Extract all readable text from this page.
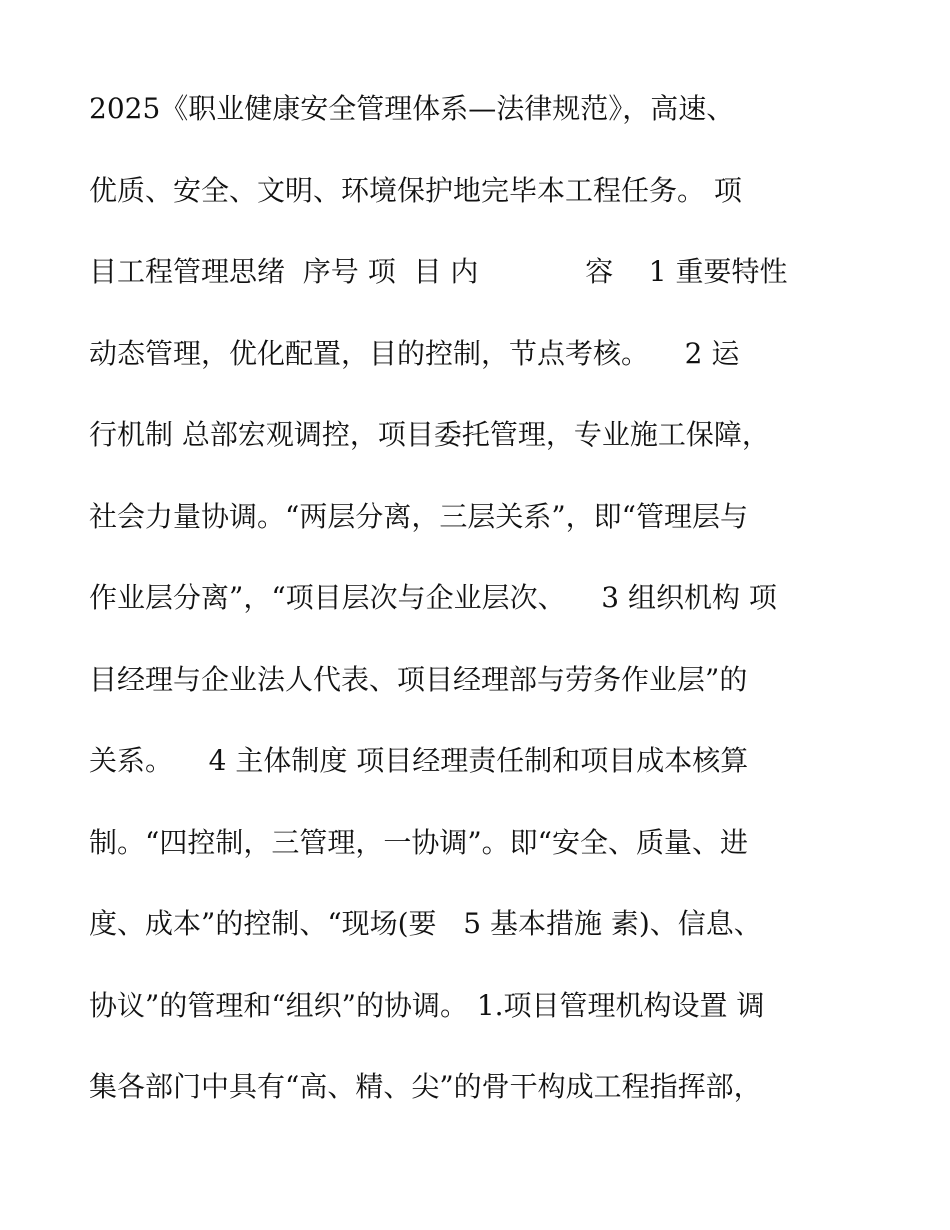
2025《职业健康安全管理体系—法律规范》，高速、
优质、安全、文明、环境保护地完毕本工程任务。 项
目工程管理思绪  序号 项  目 内            容    1 重要特性
动态管理，优化配置，目的控制，节点考核。    2 运
行机制 总部宏观调控，项目委托管理，专业施工保障，
社会力量协调。“两层分离，三层关系”，即“管理层与
作业层分离”，“项目层次与企业层次、    3 组织机构 项
目经理与企业法人代表、项目经理部与劳务作业层”的
关系。    4 主体制度 项目经理责任制和项目成本核算
制。“四控制，三管理，一协调”。即“安全、质量、进
度、成本”的控制、“现场(要   5 基本措施 素)、信息、
协议”的管理和“组织”的协调。 1.项目管理机构设置 调
集各部门中具有“高、精、尖”的骨干构成工程指挥部，
